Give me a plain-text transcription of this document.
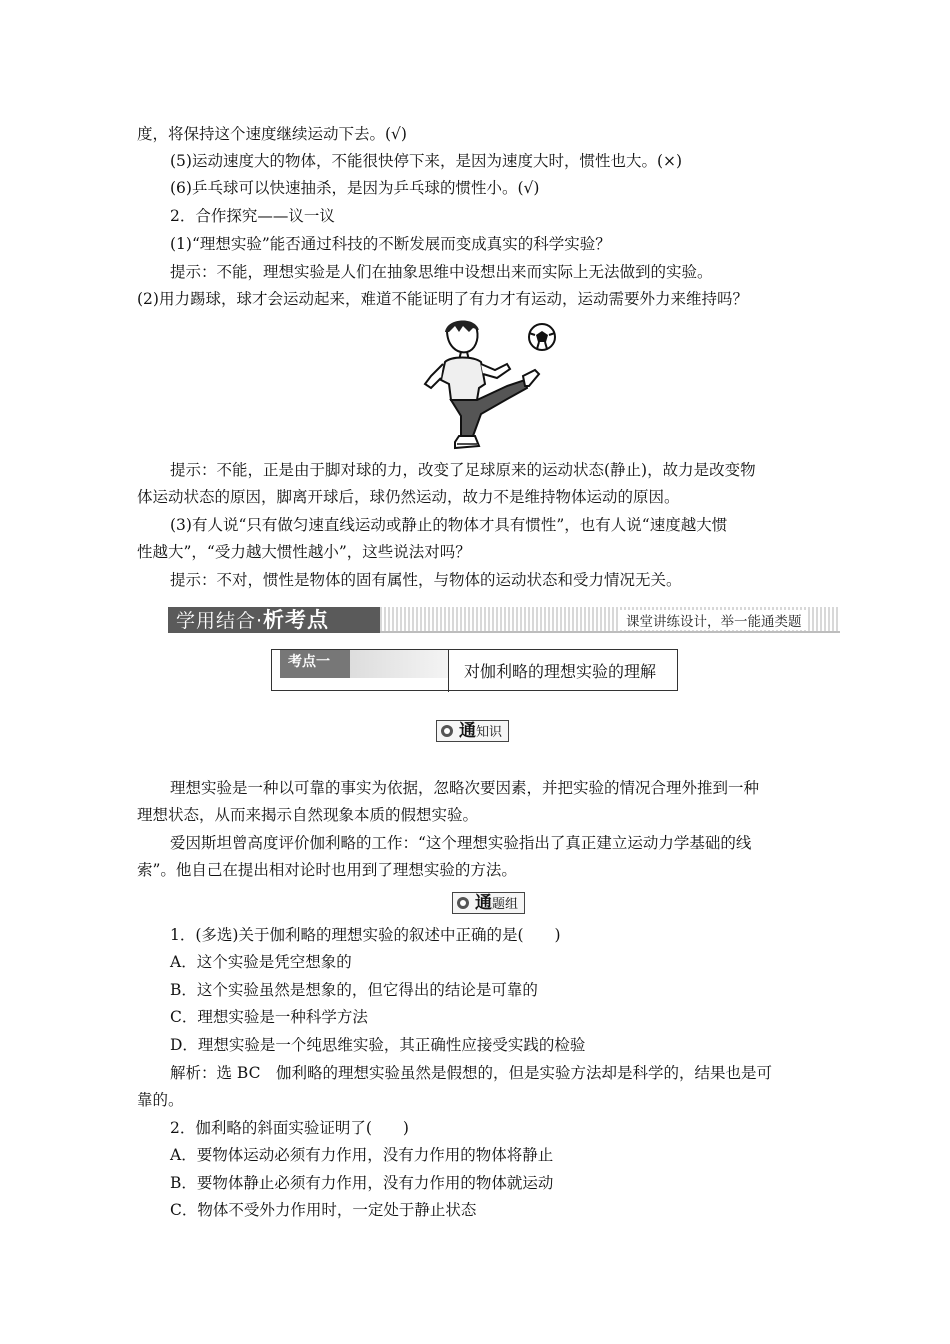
度，将保持这个速度继续运动下去。(√)
(5)运动速度大的物体，不能很快停下来，是因为速度大时，惯性也大。(×)
(6)乒乓球可以快速抽杀，是因为乒乓球的惯性小。(√)
2．合作探究——议一议
(1)“理想实验”能否通过科技的不断发展而变成真实的科学实验？
提示：不能，理想实验是人们在抽象思维中设想出来而实际上无法做到的实验。
(2)用力踢球，球才会运动起来，难道不能证明了有力才有运动，运动需要外力来维持吗？
提示：不能，正是由于脚对球的力，改变了足球原来的运动状态(静止)，故力是改变物
体运动状态的原因，脚离开球后，球仍然运动，故力不是维持物体运动的原因。
(3)有人说“只有做匀速直线运动或静止的物体才具有惯性”，也有人说“速度越大惯
性越大”，“受力越大惯性越小”，这些说法对吗？
提示：不对，惯性是物体的固有属性，与物体的运动状态和受力情况无关。
学用结合·析考点	课堂讲练设计，举一能通类题
考点一	对伽利略的理想实验的理解
通知识
理想实验是一种以可靠的事实为依据，忽略次要因素，并把实验的情况合理外推到一种
理想状态，从而来揭示自然现象本质的假想实验。
爱因斯坦曾高度评价伽利略的工作：“这个理想实验指出了真正建立运动力学基础的线
索”。他自己在提出相对论时也用到了理想实验的方法。
通题组
1．(多选)关于伽利略的理想实验的叙述中正确的是(　　)
A．这个实验是凭空想象的
B．这个实验虽然是想象的，但它得出的结论是可靠的
C．理想实验是一种科学方法
D．理想实验是一个纯思维实验，其正确性应接受实践的检验
解析：选 BC　伽利略的理想实验虽然是假想的，但是实验方法却是科学的，结果也是可
靠的。
2．伽利略的斜面实验证明了(　　)
A．要物体运动必须有力作用，没有力作用的物体将静止
B．要物体静止必须有力作用，没有力作用的物体就运动
C．物体不受外力作用时，一定处于静止状态
